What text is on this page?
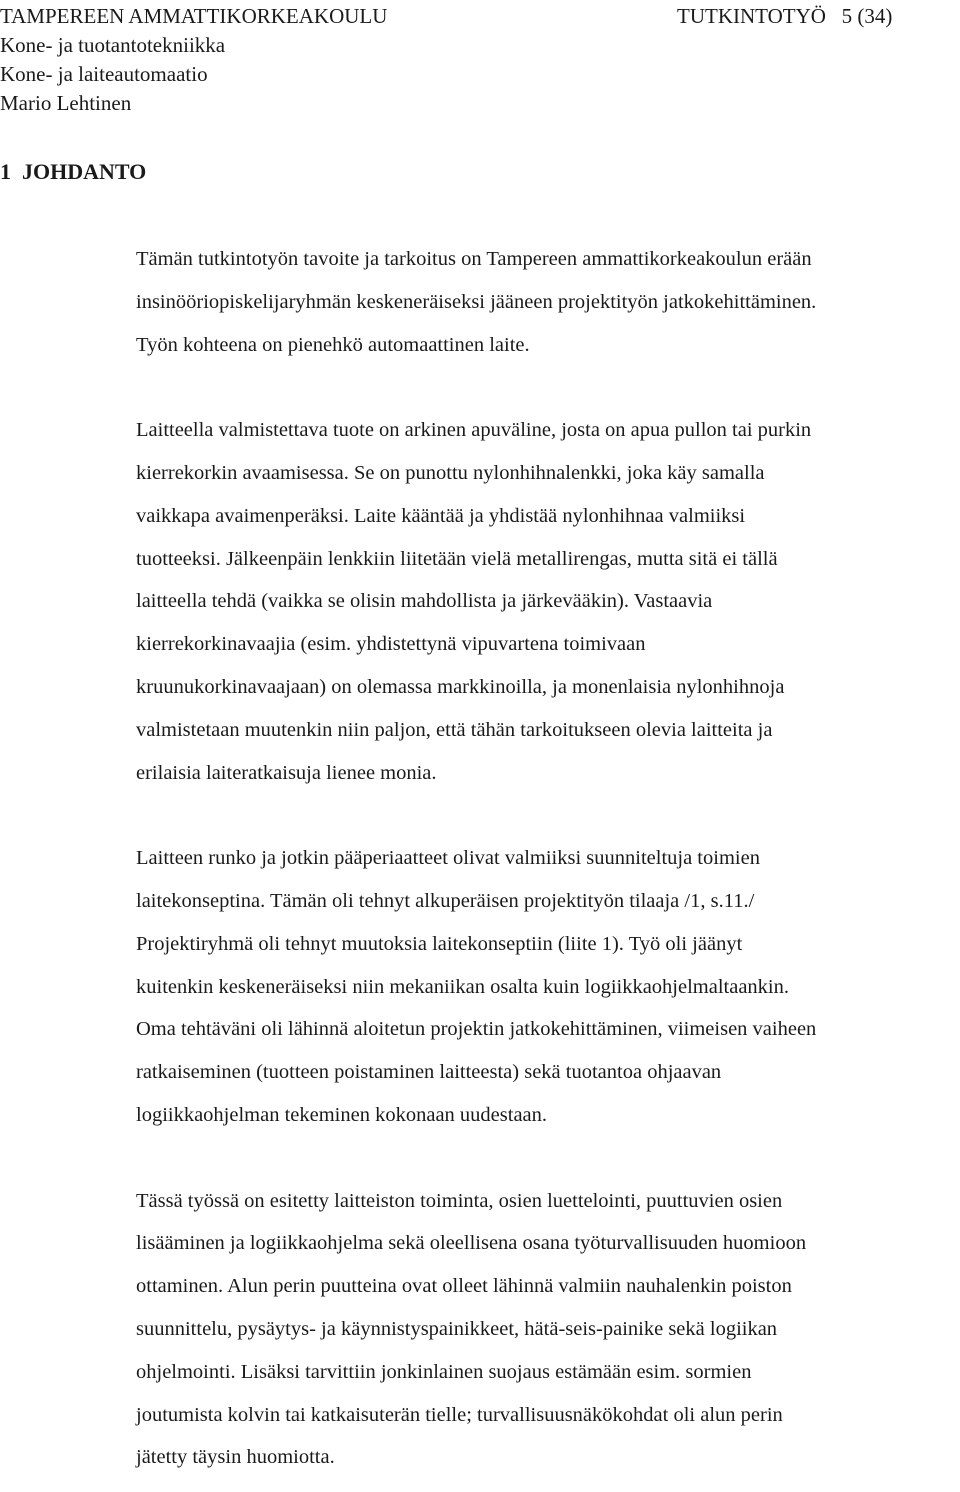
TAMPEREEN AMMATTIKORKEAKOULU	TUTKINTOTYÖ 5 (34)
Kone- ja tuotantotekniikka
Kone- ja laiteautomaatio
Mario Lehtinen
1 JOHDANTO

Tämän tutkintotyön tavoite ja tarkoitus on Tampereen ammattikorkeakoulun erään
insinööriopiskelijaryhmän keskeneräiseksi jääneen projektityön jatkokehittäminen.
Työn kohteena on pienehkö automaattinen laite.

Laitteella valmistettava tuote on arkinen apuväline, josta on apua pullon tai purkin
kierrekorkin avaamisessa. Se on punottu nylonhihnalenkki, joka käy samalla
vaikkapa avaimenperäksi. Laite kääntää ja yhdistää nylonhihnaa valmiiksi
tuotteeksi. Jälkeenpäin lenkkiin liitetään vielä metallirengas, mutta sitä ei tällä
laitteella tehdä (vaikka se olisin mahdollista ja järkevääkin). Vastaavia
kierrekorkinavaajia (esim. yhdistettynä vipuvartena toimivaan
kruunukorkinavaajaan) on olemassa markkinoilla, ja monenlaisia nylonhihnoja
valmistetaan muutenkin niin paljon, että tähän tarkoitukseen olevia laitteita ja
erilaisia laiteratkaisuja lienee monia.

Laitteen runko ja jotkin pääperiaatteet olivat valmiiksi suunniteltuja toimien
laitekonseptina. Tämän oli tehnyt alkuperäisen projektityön tilaaja /1, s.11./
Projektiryhmä oli tehnyt muutoksia laitekonseptiin (liite 1). Työ oli jäänyt
kuitenkin keskeneräiseksi niin mekaniikan osalta kuin logiikkaohjelmaltaankin.
Oma tehtäväni oli lähinnä aloitetun projektin jatkokehittäminen, viimeisen vaiheen
ratkaiseminen (tuotteen poistaminen laitteesta) sekä tuotantoa ohjaavan
logiikkaohjelman tekeminen kokonaan uudestaan.

Tässä työssä on esitetty laitteiston toiminta, osien luettelointi, puuttuvien osien
lisääminen ja logiikkaohjelma sekä oleellisena osana työturvallisuuden huomioon
ottaminen. Alun perin puutteina ovat olleet lähinnä valmiin nauhalenkin poiston
suunnittelu, pysäytys- ja käynnistyspainikkeet, hätä-seis-painike sekä logiikan
ohjelmointi. Lisäksi tarvittiin jonkinlainen suojaus estämään esim. sormien
joutumista kolvin tai katkaisuterän tielle; turvallisuusnäkökohdat oli alun perin
jätetty täysin huomiotta.
